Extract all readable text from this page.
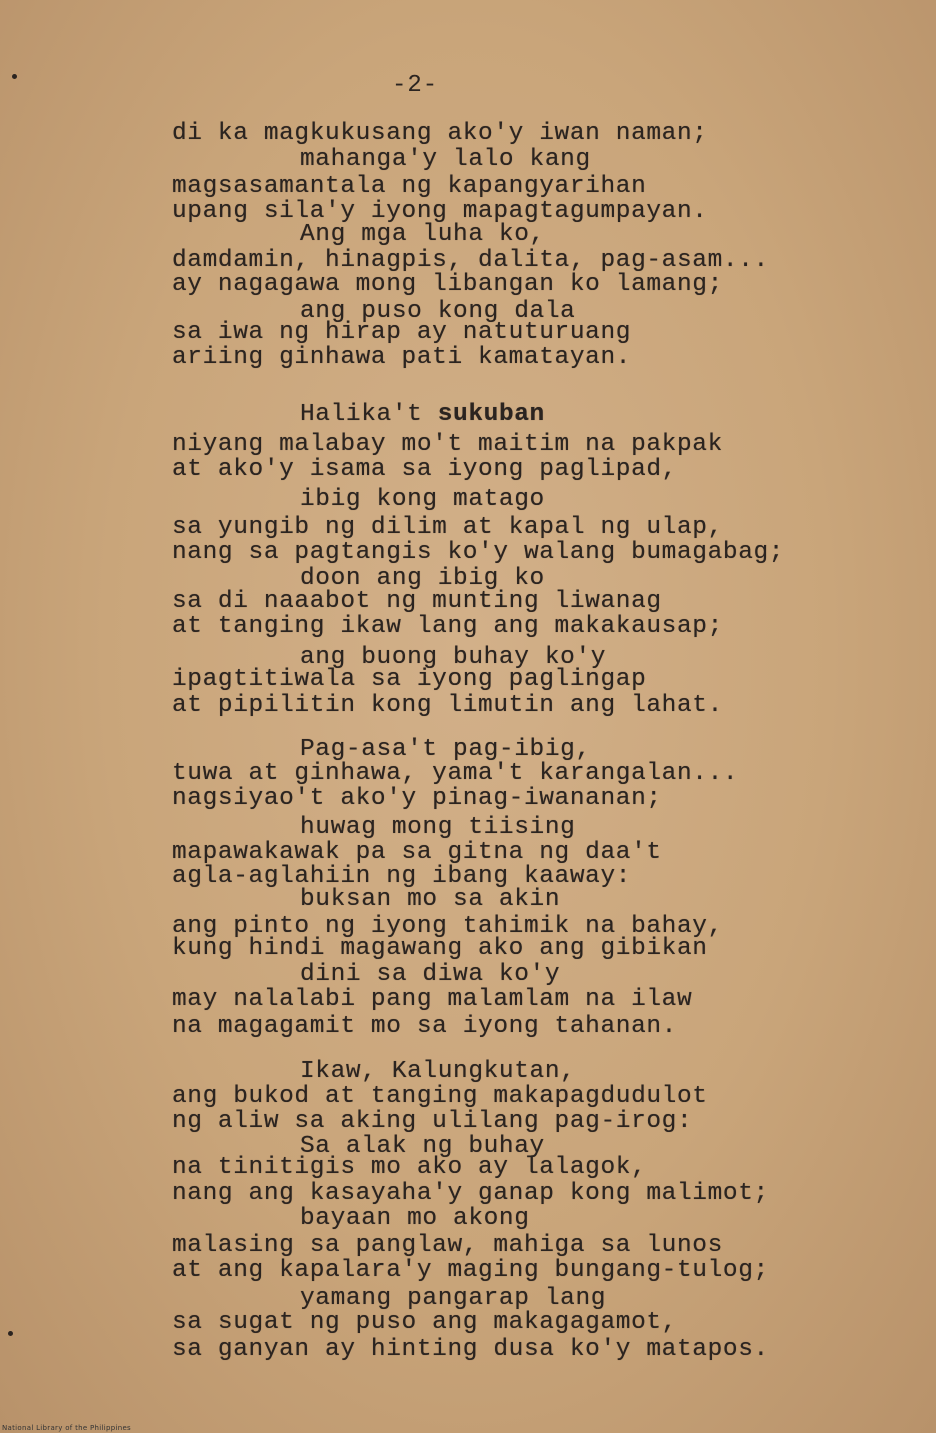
-2-
di ka magkukusang ako'y iwan naman;
mahanga'y lalo kang
magsasamantala ng kapangyarihan
upang sila'y iyong mapagtagumpayan.
Ang mga luha ko,
damdamin, hinagpis, dalita, pag-asam...
ay nagagawa mong libangan ko lamang;
ang puso kong dala
sa iwa ng hirap ay natuturuang
ariing ginhawa pati kamatayan.
Halika't sukuban
niyang malabay mo't maitim na pakpak
at ako'y isama sa iyong paglipad,
ibig kong matago
sa yungib ng dilim at kapal ng ulap,
nang sa pagtangis ko'y walang bumagabag;
doon ang ibig ko
sa di naaabot ng munting liwanag
at tanging ikaw lang ang makakausap;
ang buong buhay ko'y
ipagtitiwala sa iyong paglingap
at pipilitin kong limutin ang lahat.
Pag-asa't pag-ibig,
tuwa at ginhawa, yama't karangalan...
nagsiyao't ako'y pinag-iwananan;
huwag mong tiising
mapawakawak pa sa gitna ng daa't
agla-aglahiin ng ibang kaaway:
buksan mo sa akin
ang pinto ng iyong tahimik na bahay,
kung hindi magawang ako ang gibikan
dini sa diwa ko'y
may nalalabi pang malamlam na ilaw
na magagamit mo sa iyong tahanan.
Ikaw, Kalungkutan,
ang bukod at tanging makapagdudulot
ng aliw sa aking ulilang pag-irog:
Sa alak ng buhay
na tinitigis mo ako ay lalagok,
nang ang kasayaha'y ganap kong malimot;
bayaan mo akong
malasing sa panglaw, mahiga sa lunos
at ang kapalara'y maging bungang-tulog;
yamang pangarap lang
sa sugat ng puso ang makagagamot,
sa ganyan ay hinting dusa ko'y matapos.
National Library of the Philippines
